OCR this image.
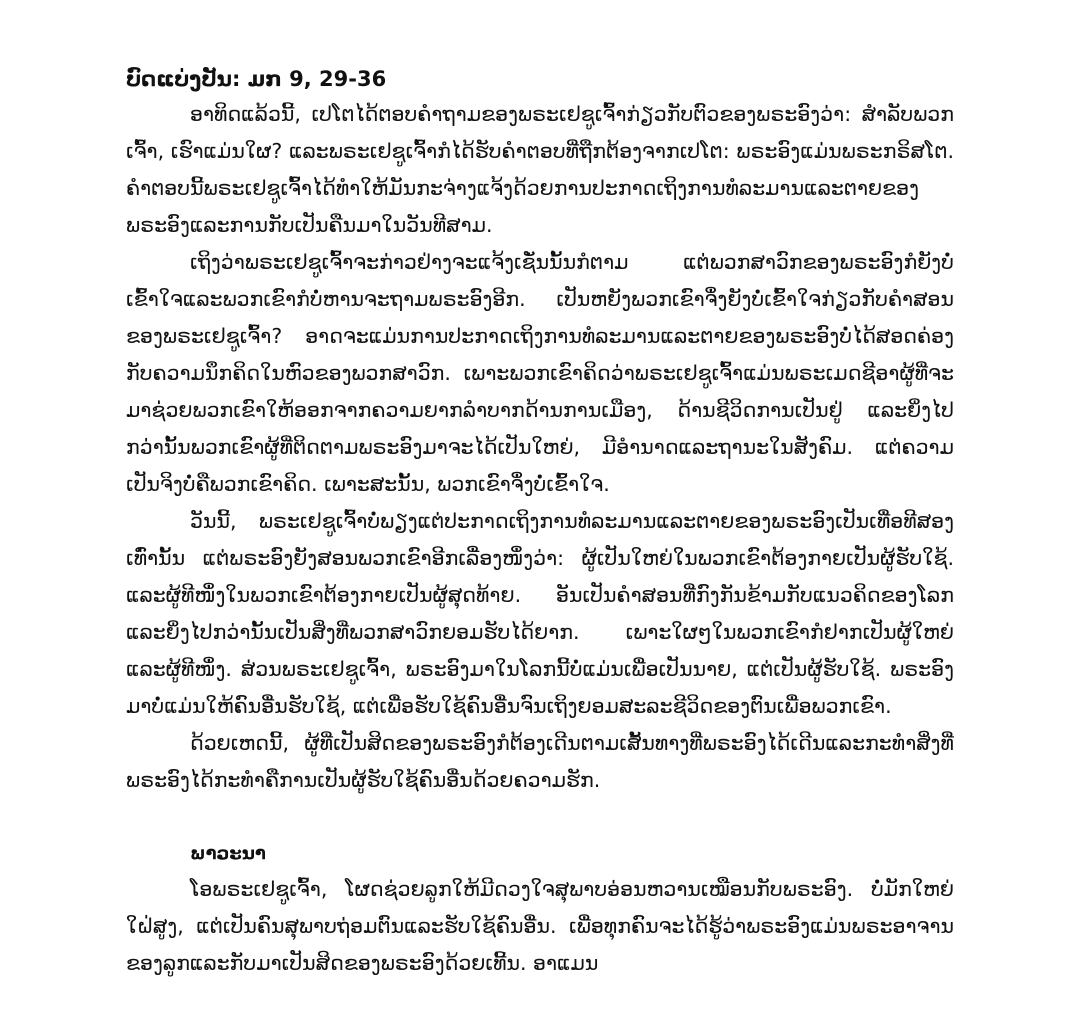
ບົດແບ່ງປັນ: ມກ 9, 29-36

ອາທິດແລ້ວນີ້, ເປໂຕໄດ້ຕອບຄຳຖາມຂອງພຣະເຢຊູເຈົ້າກ່ຽວກັບຕົວຂອງພຣະອົງວ່າ: ສຳລັບພວກເຈົ້າ, ເຮົາແມ່ນໃຜ? ແລະພຣະເຢຊູເຈົ້າກໍໄດ້ຮັບຄຳຕອບທີ່ຖືກຕ້ອງຈາກເປໂຕ: ພຣະອົງແມ່ນພຣະກຣິສໂຕ. ຄຳຕອບນີ້ພຣະເຢຊູເຈົ້າໄດ້ທຳໃຫ້ມັນກະຈ່າງແຈ້ງດ້ວຍການປະກາດເຖິງການທໍລະມານແລະຕາຍຂອງພຣະອົງແລະການກັບເປັນຄືນມາໃນວັນທີສາມ.

ເຖິງວ່າພຣະເຢຊູເຈົ້າຈະກ່າວຢ່າງຈະແຈ້ງເຊັ່ນນັ້ນກໍຕາມ ແຕ່ພວກສາວົກຂອງພຣະອົງກໍຍັງບໍ່ເຂົ້າໃຈແລະພວກເຂົາກໍບໍ່ຫານຈະຖາມພຣະອົງອີກ. ເປັນຫຍັງພວກເຂົາຈຶ່ງຍັງບໍ່ເຂົ້າໃຈກ່ຽວກັບຄຳສອນຂອງພຣະເຢຊູເຈົ້າ? ອາດຈະແມ່ນການປະກາດເຖິງການທໍລະມານແລະຕາຍຂອງພຣະອົງບໍ່ໄດ້ສອດຄ່ອງກັບຄວາມນຶກຄິດໃນຫົວຂອງພວກສາວົກ. ເພາະພວກເຂົາຄິດວ່າພຣະເຢຊູເຈົ້າແມ່ນພຣະເມດຊີອາຜູ້ທີ່ຈະມາຊ່ວຍພວກເຂົາໃຫ້ອອກຈາກຄວາມຍາກລຳບາກດ້ານການເມືອງ, ດ້ານຊີວິດການເປັນຢູ່ ແລະຍິ່ງໄປກວ່ານັ້ນພວກເຂົາຜູ້ທີ່ຕິດຕາມພຣະອົງມາຈະໄດ້ເປັນໃຫຍ່, ມີອຳນາດແລະຖານະໃນສັງຄົມ. ແຕ່ຄວາມເປັນຈິງບໍ່ຄືພວກເຂົາຄິດ. ເພາະສະນັ້ນ, ພວກເຂົາຈຶ່ງບໍ່ເຂົ້າໃຈ.

ວັນນີ້, ພຣະເຢຊູເຈົ້າບໍ່ພຽງແຕ່ປະກາດເຖິງການທໍລະມານແລະຕາຍຂອງພຣະອົງເປັນເທື່ອທີສອງເທົ່ານັ້ນ ແຕ່ພຣະອົງຍັງສອນພວກເຂົາອີກເລື່ອງໜຶ່ງວ່າ: ຜູ້ເປັນໃຫຍ່ໃນພວກເຂົາຕ້ອງກາຍເປັນຜູ້ຮັບໃຊ້. ແລະຜູ້ທີໜຶ່ງໃນພວກເຂົາຕ້ອງກາຍເປັນຜູ້ສຸດທ້າຍ. ອັນເປັນຄຳສອນທີ່ກົງກັນຂ້າມກັບແນວຄິດຂອງໂລກແລະຍິ່ງໄປກວ່ານັ້ນເປັນສິ່ງທີ່ພວກສາວົກຍອມຮັບໄດ້ຍາກ. ເພາະໃຜໆໃນພວກເຂົາກໍຢາກເປັນຜູ້ໃຫຍ່ແລະຜູ້ທີໜຶ່ງ. ສ່ວນພຣະເຢຊູເຈົ້າ, ພຣະອົງມາໃນໂລກນີ້ບໍ່ແມ່ນເພື່ອເປັນນາຍ, ແຕ່ເປັນຜູ້ຮັບໃຊ້. ພຣະອົງມາບໍ່ແມ່ນໃຫ້ຄົນອື່ນຮັບໃຊ້, ແຕ່ເພື່ອຮັບໃຊ້ຄົນອື່ນຈົນເຖິງຍອມສະລະຊີວິດຂອງຕົນເພື່ອພວກເຂົາ.

ດ້ວຍເຫດນີ້, ຜູ້ທີ່ເປັນສິດຂອງພຣະອົງກໍຕ້ອງເດີນຕາມເສັ້ນທາງທີ່ພຣະອົງໄດ້ເດີນແລະກະທຳສິ່ງທີ່ພຣະອົງໄດ້ກະທຳຄືການເປັນຜູ້ຮັບໃຊ້ຄົນອື່ນດ້ວຍຄວາມຮັກ.

ພາວະນາ

ໂອພຣະເຢຊູເຈົ້າ, ໂຜດຊ່ວຍລູກໃຫ້ມີດວງໃຈສຸພາບອ່ອນຫວານເໝືອນກັບພຣະອົງ. ບໍ່ມັກໃຫຍ່ໃຝ່ສູງ, ແຕ່ເປັນຄົນສຸພາບຖ່ອມຕົນແລະຮັບໃຊ້ຄົນອື່ນ. ເພື່ອທຸກຄົນຈະໄດ້ຮູ້ວ່າພຣະອົງແມ່ນພຣະອາຈານຂອງລູກແລະກັບມາເປັນສິດຂອງພຣະອົງດ້ວຍເທີ້ນ. ອາແມນ
